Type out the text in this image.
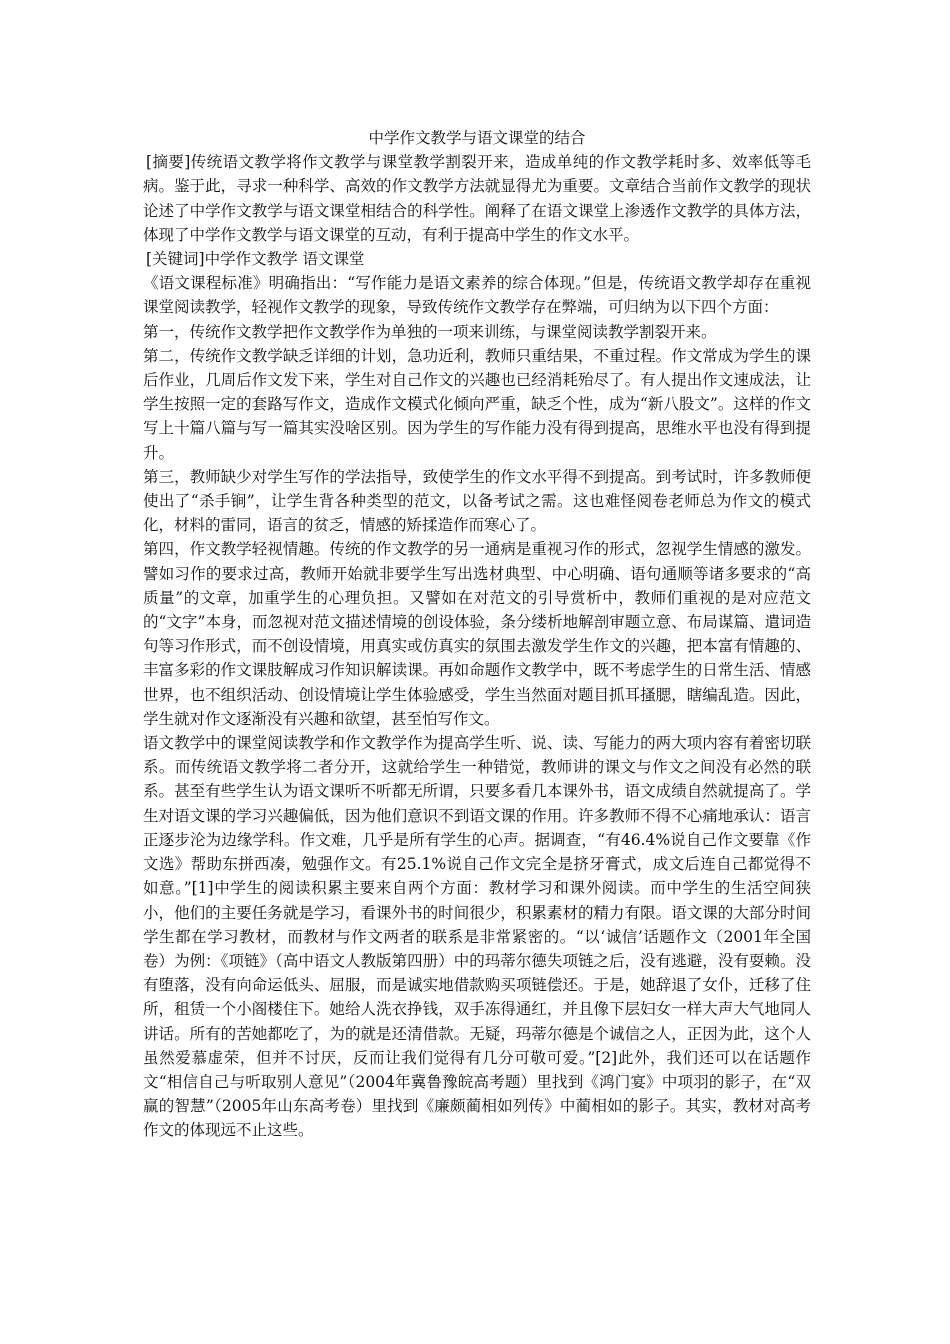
中学作文教学与语文课堂的结合

[摘要]传统语文教学将作文教学与课堂教学割裂开来，造成单纯的作文教学耗时多、效率低等毛病。鉴于此，寻求一种科学、高效的作文教学方法就显得尤为重要。文章结合当前作文教学的现状论述了中学作文教学与语文课堂相结合的科学性。阐释了在语文课堂上渗透作文教学的具体方法，体现了中学作文教学与语文课堂的互动，有利于提高中学生的作文水平。

[关键词]中学作文教学 语文课堂

《语文课程标准》明确指出：“写作能力是语文素养的综合体现。”但是，传统语文教学却存在重视课堂阅读教学，轻视作文教学的现象，导致传统作文教学存在弊端，可归纳为以下四个方面：

第一，传统作文教学把作文教学作为单独的一项来训练，与课堂阅读教学割裂开来。

第二，传统作文教学缺乏详细的计划，急功近利，教师只重结果，不重过程。作文常成为学生的课后作业，几周后作文发下来，学生对自己作文的兴趣也已经消耗殆尽了。有人提出作文速成法，让学生按照一定的套路写作文，造成作文模式化倾向严重，缺乏个性，成为“新八股文”。这样的作文写上十篇八篇与写一篇其实没啥区别。因为学生的写作能力没有得到提高，思维水平也没有得到提升。

第三，教师缺少对学生写作的学法指导，致使学生的作文水平得不到提高。到考试时，许多教师便使出了“杀手锏”，让学生背各种类型的范文，以备考试之需。这也难怪阅卷老师总为作文的模式化，材料的雷同，语言的贫乏，情感的矫揉造作而寒心了。

第四，作文教学轻视情趣。传统的作文教学的另一通病是重视习作的形式，忽视学生情感的激发。譬如习作的要求过高，教师开始就非要学生写出选材典型、中心明确、语句通顺等诸多要求的“高质量”的文章，加重学生的心理负担。又譬如在对范文的引导赏析中，教师们重视的是对应范文的“文字”本身，而忽视对范文描述情境的创设体验，条分缕析地解剖审题立意、布局谋篇、遣词造句等习作形式，而不创设情境，用真实或仿真实的氛围去激发学生作文的兴趣，把本富有情趣的、丰富多彩的作文课肢解成习作知识解读课。再如命题作文教学中，既不考虑学生的日常生活、情感世界，也不组织活动、创设情境让学生体验感受，学生当然面对题目抓耳搔腮，瞎编乱造。因此，学生就对作文逐渐没有兴趣和欲望，甚至怕写作文。

语文教学中的课堂阅读教学和作文教学作为提高学生听、说、读、写能力的两大项内容有着密切联系。而传统语文教学将二者分开，这就给学生一种错觉，教师讲的课文与作文之间没有必然的联系。甚至有些学生认为语文课听不听都无所谓，只要多看几本课外书，语文成绩自然就提高了。学生对语文课的学习兴趣偏低，因为他们意识不到语文课的作用。许多教师不得不心痛地承认：语言正逐步沦为边缘学科。作文难，几乎是所有学生的心声。据调查，“有46.4%说自己作文要靠《作文选》帮助东拼西凑，勉强作文。有25.1%说自己作文完全是挤牙膏式，成文后连自己都觉得不如意。”[1]中学生的阅读积累主要来自两个方面：教材学习和课外阅读。而中学生的生活空间狭小，他们的主要任务就是学习，看课外书的时间很少，积累素材的精力有限。语文课的大部分时间学生都在学习教材，而教材与作文两者的联系是非常紧密的。“以‘诚信’话题作文（2001年全国卷）为例：《项链》（高中语文人教版第四册）中的玛蒂尔德失项链之后，没有逃避，没有耍赖。没有堕落，没有向命运低头、屈服，而是诚实地借款购买项链偿还。于是，她辞退了女仆，迁移了住所，租赁一个小阁楼住下。她给人洗衣挣钱，双手冻得通红，并且像下层妇女一样大声大气地同人讲话。所有的苦她都吃了，为的就是还清借款。无疑，玛蒂尔德是个诚信之人，正因为此，这个人虽然爱慕虚荣，但并不讨厌，反而让我们觉得有几分可敬可爱。”[2]此外，我们还可以在话题作文“相信自己与听取别人意见”（2004年冀鲁豫皖高考题）里找到《鸿门宴》中项羽的影子，在“双赢的智慧”（2005年山东高考卷）里找到《廉颇蔺相如列传》中蔺相如的影子。其实，教材对高考作文的体现远不止这些。
